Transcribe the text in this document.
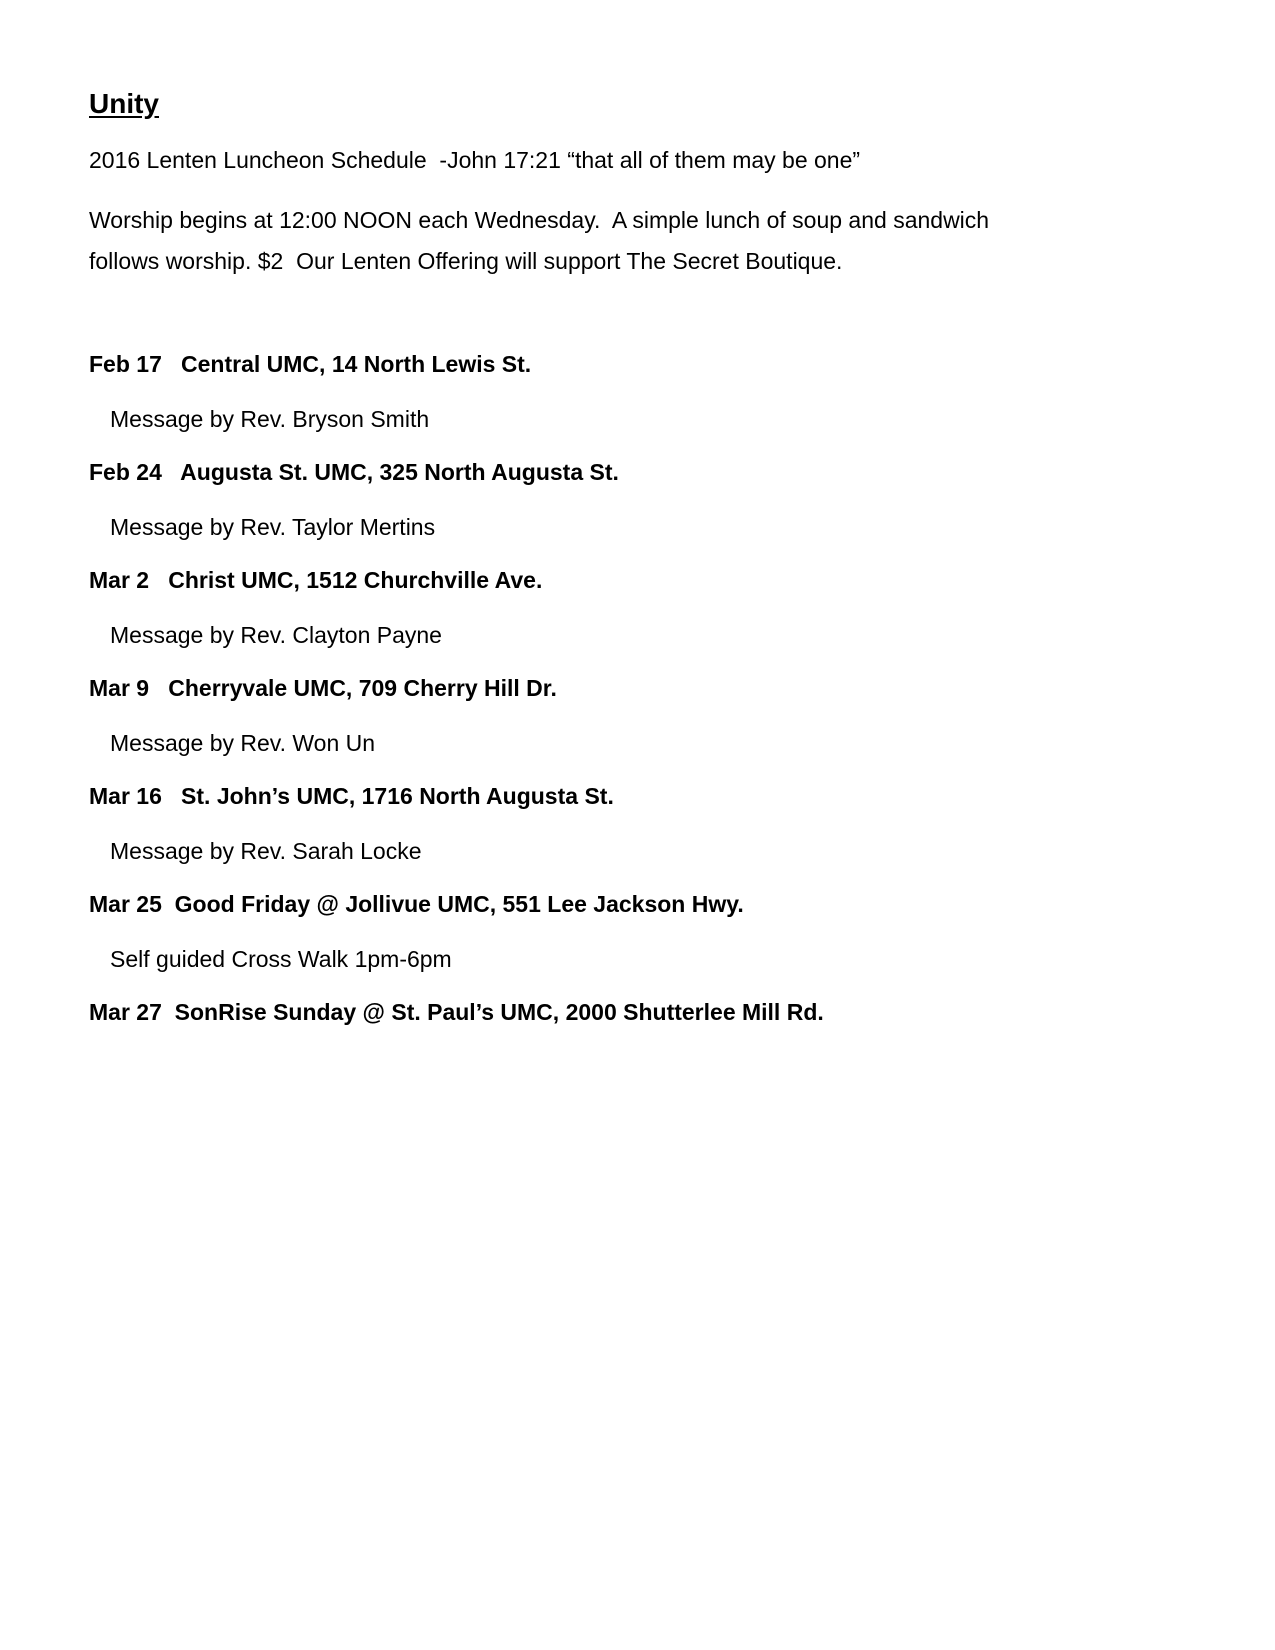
Unity

2016 Lenten Luncheon Schedule  -John 17:21 “that all of them may be one”

Worship begins at 12:00 NOON each Wednesday.  A simple lunch of soup and sandwich
follows worship. $2  Our Lenten Offering will support The Secret Boutique.

Feb 17   Central UMC, 14 North Lewis St.
Message by Rev. Bryson Smith
Feb 24   Augusta St. UMC, 325 North Augusta St.
Message by Rev. Taylor Mertins
Mar 2   Christ UMC, 1512 Churchville Ave.
Message by Rev. Clayton Payne
Mar 9   Cherryvale UMC, 709 Cherry Hill Dr.
Message by Rev. Won Un
Mar 16   St. John’s UMC, 1716 North Augusta St.
Message by Rev. Sarah Locke
Mar 25  Good Friday @ Jollivue UMC, 551 Lee Jackson Hwy.
Self guided Cross Walk 1pm-6pm
Mar 27  SonRise Sunday @ St. Paul’s UMC, 2000 Shutterlee Mill Rd.
